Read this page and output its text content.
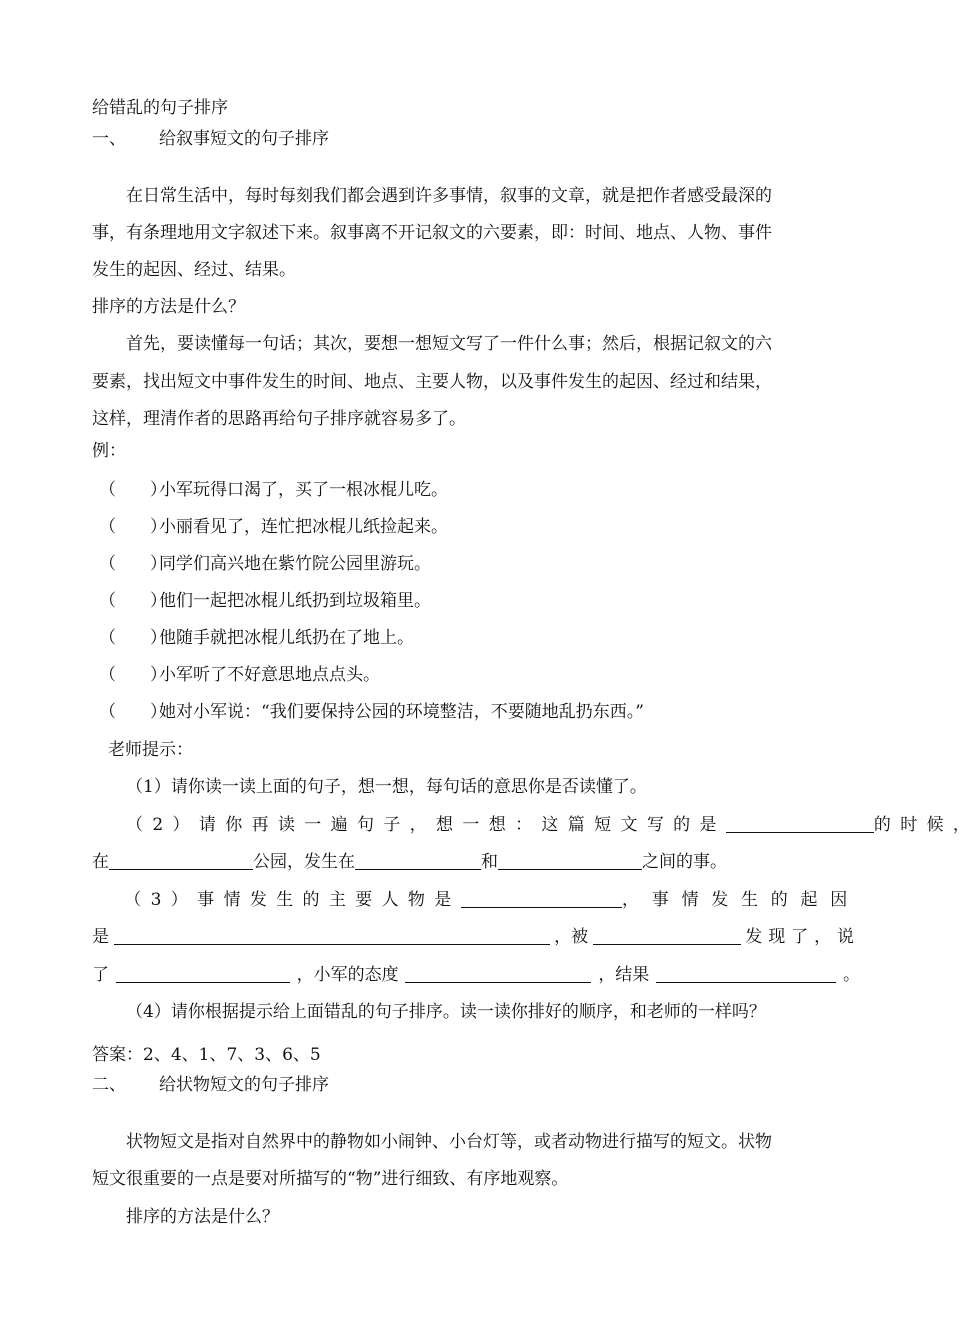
给错乱的句子排序
一、 给叙事短文的句子排序
在日常生活中，每时每刻我们都会遇到许多事情，叙事的文章，就是把作者感受最深的
事，有条理地用文字叙述下来。叙事离不开记叙文的六要素，即：时间、地点、人物、事件
发生的起因、经过、结果。
排序的方法是什么？
首先，要读懂每一句话；其次，要想一想短文写了一件什么事；然后，根据记叙文的六
要素，找出短文中事件发生的时间、地点、主要人物，以及事件发生的起因、经过和结果，
这样，理清作者的思路再给句子排序就容易多了。
例：
（　　）小军玩得口渴了，买了一根冰棍儿吃。
（　　）小丽看见了，连忙把冰棍儿纸捡起来。
（　　）同学们高兴地在紫竹院公园里游玩。
（　　）他们一起把冰棍儿纸扔到垃圾箱里。
（　　）他随手就把冰棍儿纸扔在了地上。
（　　）小军听了不好意思地点点头。
（　　）她对小军说：“我们要保持公园的环境整洁，不要随地乱扔东西。”
老师提示：
（1）请你读一读上面的句子，想一想，每句话的意思你是否读懂了。
（2）请你再读一遍句子，想一想：这篇短文写的是	的时候，
在	公园，发生在	和	之间的事。
（3）事情发生的主要人物是	，事情发生的起因
是	，被	发现了，说
了	，小军的态度	，结果	。
（4）请你根据提示给上面错乱的句子排序。读一读你排好的顺序，和老师的一样吗？
答案：2、4、1、7、3、6、5
二、 给状物短文的句子排序
状物短文是指对自然界中的静物如小闹钟、小台灯等，或者动物进行描写的短文。状物
短文很重要的一点是要对所描写的“物”进行细致、有序地观察。
排序的方法是什么？
